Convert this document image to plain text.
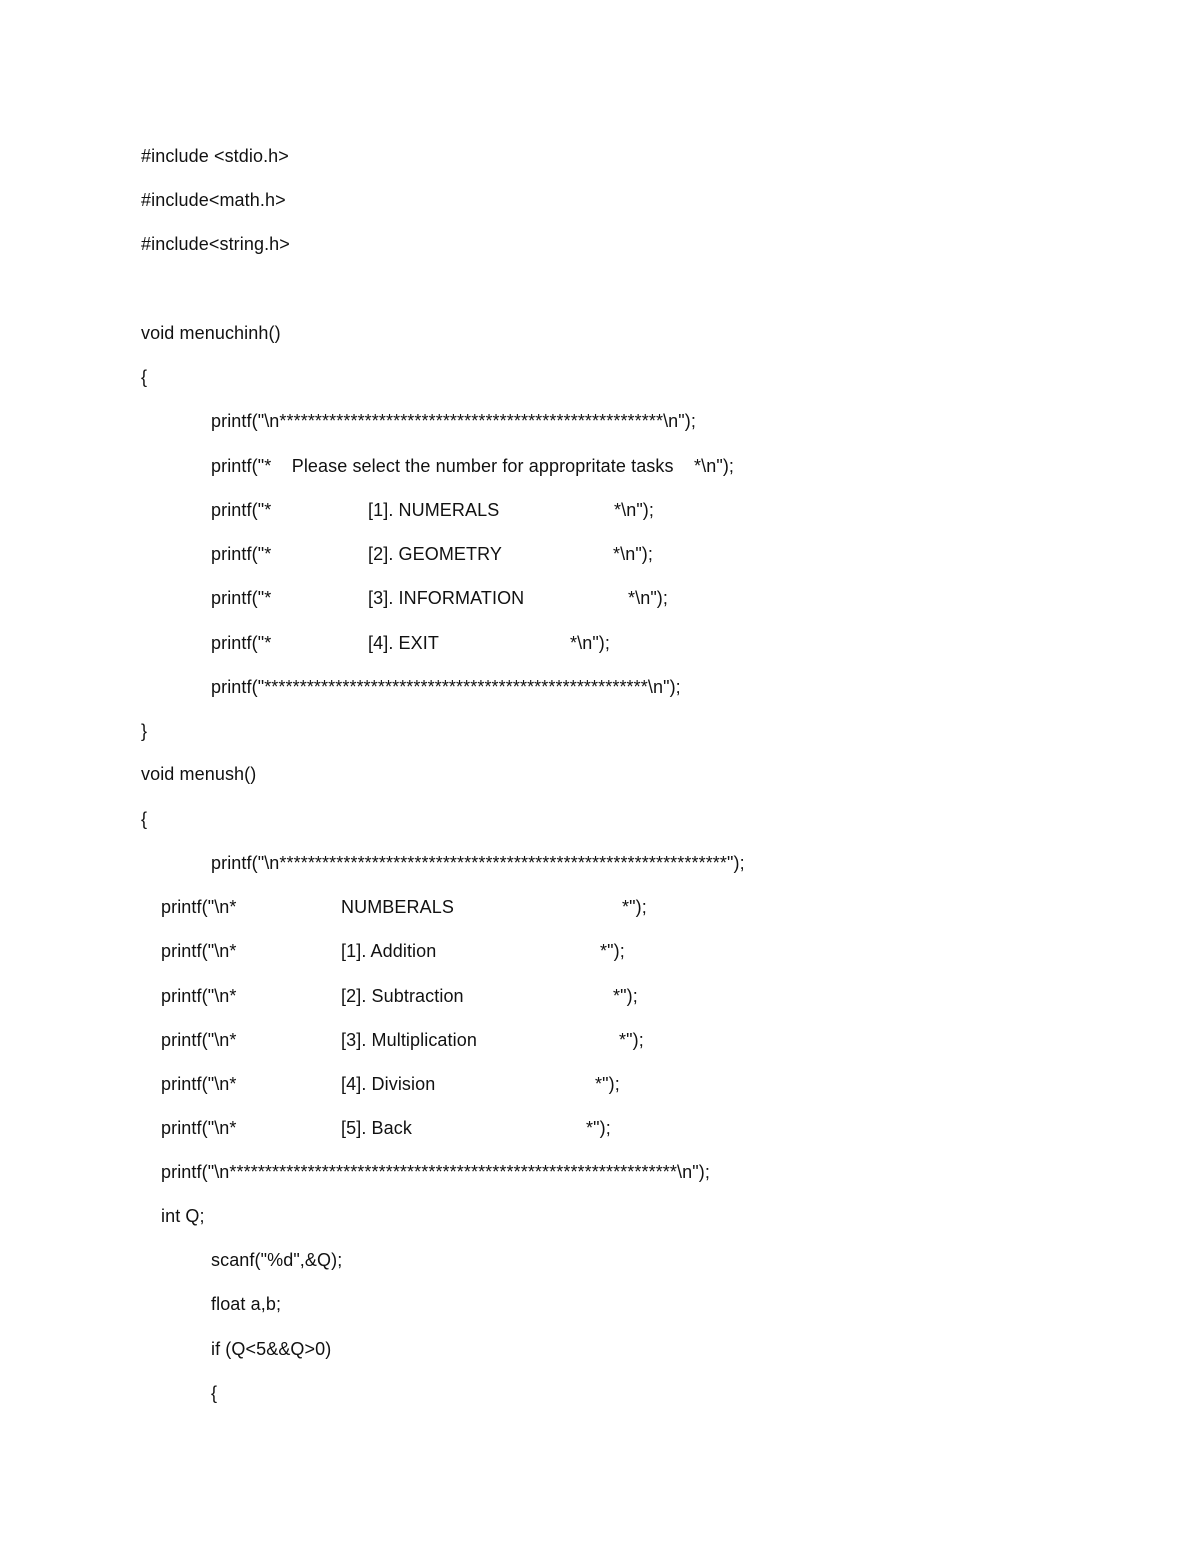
#include <stdio.h>
#include<math.h>
#include<string.h>
void menuchinh()
{
printf("\n******************************************************\n");
printf("*    Please select the number for appropritate tasks    *\n");

printf("*

	[1]. NUMERALS

	*\n");

printf("*

	[2]. GEOMETRY

	*\n");

printf("*

	[3]. INFORMATION

	*\n");

printf("*

	[4]. EXIT

	*\n");

printf("******************************************************\n");
}
void menush()
{
printf("\n***************************************************************");

printf("\n*

	NUMBERALS

	*");

printf("\n*

	[1]. Addition

	*");

printf("\n*

	[2]. Subtraction

	*");

printf("\n*

	[3]. Multiplication

	*");

printf("\n*

	[4]. Division

	*");

printf("\n*

	[5]. Back

	*");

printf("\n***************************************************************\n");
int Q;
scanf("%d",&Q);
float a,b;
if (Q<5&&Q>0)
{
